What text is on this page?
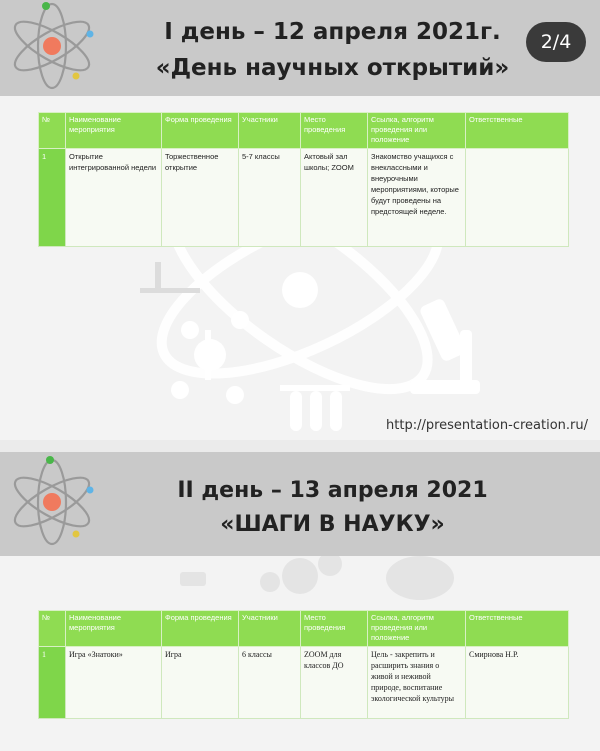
I день – 12 апреля 2021г.
«День научных открытий»
2/4
№	Наименование мероприятия	Форма проведения	Участники	Место проведения	Ссылка, алгоритм проведения или положение	Ответственные
1	Открытие интегрированной недели	Торжественное открытие	5-7 классы	Актовый зал школы; ZOOM	Знакомство учащихся с внеклассными и внеурочными мероприятиями, которые будут проведены на предстоящей неделе.	
http://presentation-creation.ru/
II день – 13 апреля 2021
«ШАГИ В НАУКУ»
№	Наименование мероприятия	Форма проведения	Участники	Место проведения	Ссылка, алгоритм проведения или положение	Ответственные
1	Игра «Знатоки»	Игра	6 классы	ZOOM для классов ДО	Цель - закрепить и расширить знания о живой и неживой природе, воспитание экологической культуры	Смирнова Н.Р.
